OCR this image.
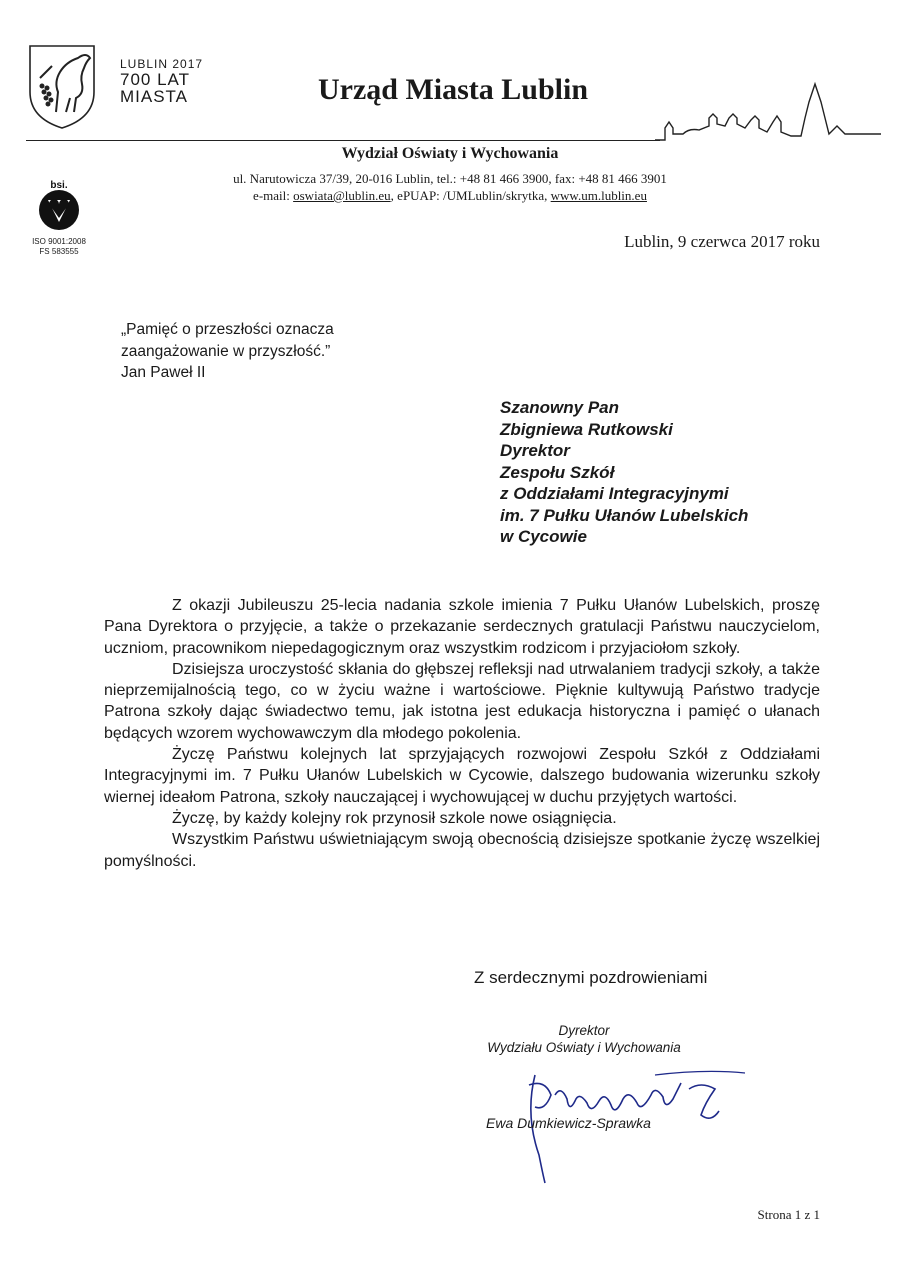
LUBLIN 2017
700 LAT
MIASTA	Urząd Miasta Lublin
Wydział Oświaty i Wychowania
ul. Narutowicza 37/39, 20-016 Lublin, tel.: +48 81 466 3900, fax: +48 81 466 3901
e-mail: oswiata@lublin.eu, ePUAP: /UMLublin/skrytka, www.um.lublin.eu
bsi.
ISO 9001:2008
FS 583555
Lublin, 9 czerwca 2017 roku
„Pamięć o przeszłości oznacza
zaangażowanie w przyszłość.”
Jan Paweł II
Szanowny Pan
Zbigniewa Rutkowski
Dyrektor
Zespołu Szkół
z Oddziałami Integracyjnymi
im. 7 Pułku Ułanów Lubelskich
w Cycowie

Z okazji Jubileuszu 25-lecia nadania szkole imienia 7 Pułku Ułanów Lubelskich, proszę Pana Dyrektora o przyjęcie, a także o przekazanie serdecznych gratulacji Państwu nauczycielom, uczniom, pracownikom niepedagogicznym oraz wszystkim rodzicom i przyjaciołom szkoły.

Dzisiejsza uroczystość skłania do głębszej refleksji nad utrwalaniem tradycji szkoły, a także nieprzemijalnością tego, co w życiu ważne i wartościowe. Pięknie kultywują Państwo tradycje Patrona szkoły dając świadectwo temu, jak istotna jest edukacja historyczna i pamięć o ułanach będących wzorem wychowawczym dla młodego pokolenia.

Życzę Państwu kolejnych lat sprzyjających rozwojowi Zespołu Szkół z Oddziałami Integracyjnymi im. 7 Pułku Ułanów Lubelskich w Cycowie, dalszego budowania wizerunku szkoły wiernej ideałom Patrona, szkoły nauczającej i wychowującej w duchu przyjętych wartości.

Życzę, by każdy kolejny rok przynosił szkole nowe osiągnięcia.

Wszystkim Państwu uświetniającym swoją obecnością dzisiejsze spotkanie życzę wszelkiej pomyślności.

Z serdecznymi pozdrowieniami
Dyrektor
Wydziału Oświaty i Wychowania
Ewa Dumkiewicz-Sprawka
Strona 1 z 1
